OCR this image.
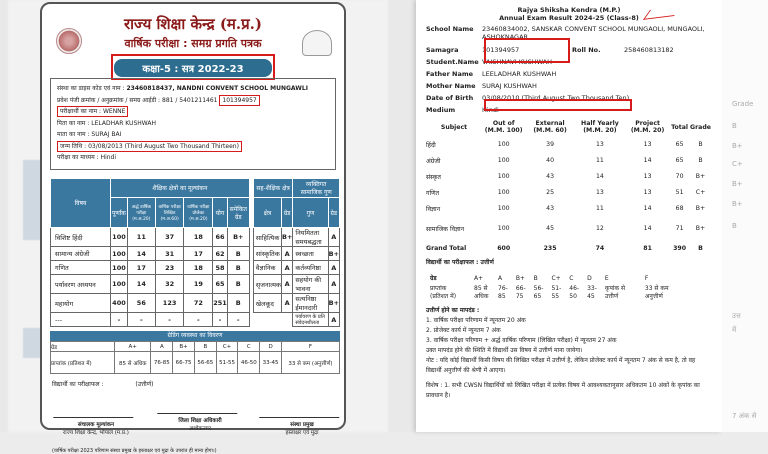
राज्य शिक्षा केन्द्र (म.प्र.)
वार्षिक परीक्षा : समग्र प्रगति पत्रक
कक्षा-5 : सत्र 2022-23
संस्था का डाइस कोड एवं नाम : 23460818437, NANDNI CONVENT SCHOOL MUNGAWLI
प्रवेश पंजी क्रमांक / अनुक्रमांक / समग्र आईडी : 881 / 5401211461 101394957
परीक्षार्थी का नाम : WENNE
पिता का नाम : LELADHAR KUSHWAH
माता का नाम : SURAJ BAI
जन्म तिथि : 03/08/2013 (Third August Two Thousand Thirteen)
परीक्षा का माध्यम : Hindi
विषय	शैक्षिक क्षेत्रों का मूल्यांकन							सह-शैक्षिक क्षेत्र		व्यक्तिगत सामाजिक गुण	
	पूर्णांक	अर्द्ध वार्षिक परीक्षा (म.अ.20)	वार्षिक परीक्षा लिखित (म.अ.60)	वार्षिक परीक्षा प्रोजेक्ट (म.अ.20)	योग	समेकित ग्रेड		क्षेत्र	ग्रेड	गुण	ग्रेड
विशिष्ट हिंदी	100	11	37	18	66	B+		साहित्यिक	B+	नियमितता समयबद्धता	A
सामान्य अंग्रेजी	100	14	31	17	62	B		सांस्कृतिक	A	स्वच्छता	B+
गणित	100	17	23	18	58	B		वैज्ञानिक	A	कर्तव्यनिष्ठा	A
पर्यावरण अध्ययन	100	14	32	19	65	B		सृजनात्मक	A	सहयोग की भावना	A
महायोग	400	56	123	72	251	B		खेलकूद	A	सत्यनिष्ठा ईमानदारी	B+
---	-	-	-	-	-	-				पर्यावरण के प्रति संवेदनशीलता	A
ग्रेडिंग व्यवस्था का विवरण
ग्रेड	A+	A	B+	B	C+	C	D	F
प्राप्तांक (प्रतिशत में)	85 से अधिक	76-85	66-75	56-65	51-55	46-50	33-45	33 से कम (अनुत्तीर्ण)
विद्यार्थी का परीक्षाफल :	(उत्तीर्ण)
संचालक मूल्यांकन
राज्य शिक्षा केन्द्र, भोपाल (म.प्र.)
जिला शिक्षा अधिकारी
अशोकनगर
संस्था प्रमुख
हस्ताक्षर एवं मुद्रा
(वार्षिक परीक्षा 2023 परिणाम संस्था प्रमुख के हस्ताक्षर एवं मुद्रा के उपरांत ही मान्य होगा।)
Rajya Shiksha Kendra (M.P.)
Annual Exam Result 2024-25 (Class-8)
School Name	23460834002, SANSKAR CONVENT SCHOOL MUNGAOLI, MUNGAOLI, ASHOKNAGAR
Samagra	101394957	Roll No.	258460813182
Student.Name VAISHNAVI KUSHWAH
Father Name	LEELADHAR KUSHWAH
Mother Name SURAJ KUSHWAH
Date of Birth	03/08/2010 (Third August Two Thousand Ten)
Medium	Hindi
Subject	Out of (M.M. 100)	External (M.M. 60)	Half Yearly (M.M. 20)	Project (M.M. 20)	Total	Grade
हिंदी	100	39	13	13	65	B
अंग्रेजी	100	40	11	14	65	B
संस्कृत	100	43	14	13	70	B+
गणित	100	25	13	13	51	C+
विज्ञान	100	43	11	14	68	B+
सामाजिक विज्ञान	100	45	12	14	71	B+
Grand Total	600	235	74	81	390	B
विद्यार्थी का परीक्षाफल : उत्तीर्ण
ग्रेड	A+	A	B+	B	C+	C	D	E	F
प्राप्तांक (प्रतिशत में)	85 से अधिक	76-85	66-75	56-65	51-55	46-50	33-45	कृपांक से उत्तीर्ण	33 से कम अनुत्तीर्ण
उत्तीर्ण होने का मापदंड :
1. वार्षिक परीक्षा परिणाम में न्यूनतम 20 अंक
2. प्रोजेक्ट कार्य में न्यूनतम 7 अंक
3. वार्षिक परीक्षा परिणाम + अर्द्ध वार्षिक परिणाम (लिखित परीक्षा) में न्यूनतम 27 अंक
उक्त मापदंड होने की स्थिति में विद्यार्थी उस विषय में उत्तीर्ण माना जायेगा।
नोट : यदि कोई विद्यार्थी किसी विषय की लिखित परीक्षा में उत्तीर्ण है, लेकिन प्रोजेक्ट कार्य में न्यूनतम 7 अंक से कम है, तो वह विद्यार्थी अनुत्तीर्ण की श्रेणी में आएगा।
विशेष : 1. सभी CWSN विद्यार्थियों को लिखित परीक्षा में प्रत्येक विषय में आवश्यकतानुसार अधिकतम 10 अंकों के कृपांक का प्रावधान है।
Grade
B
B+
C+
B+
B+
B
उत्त
में
7 अंक से
